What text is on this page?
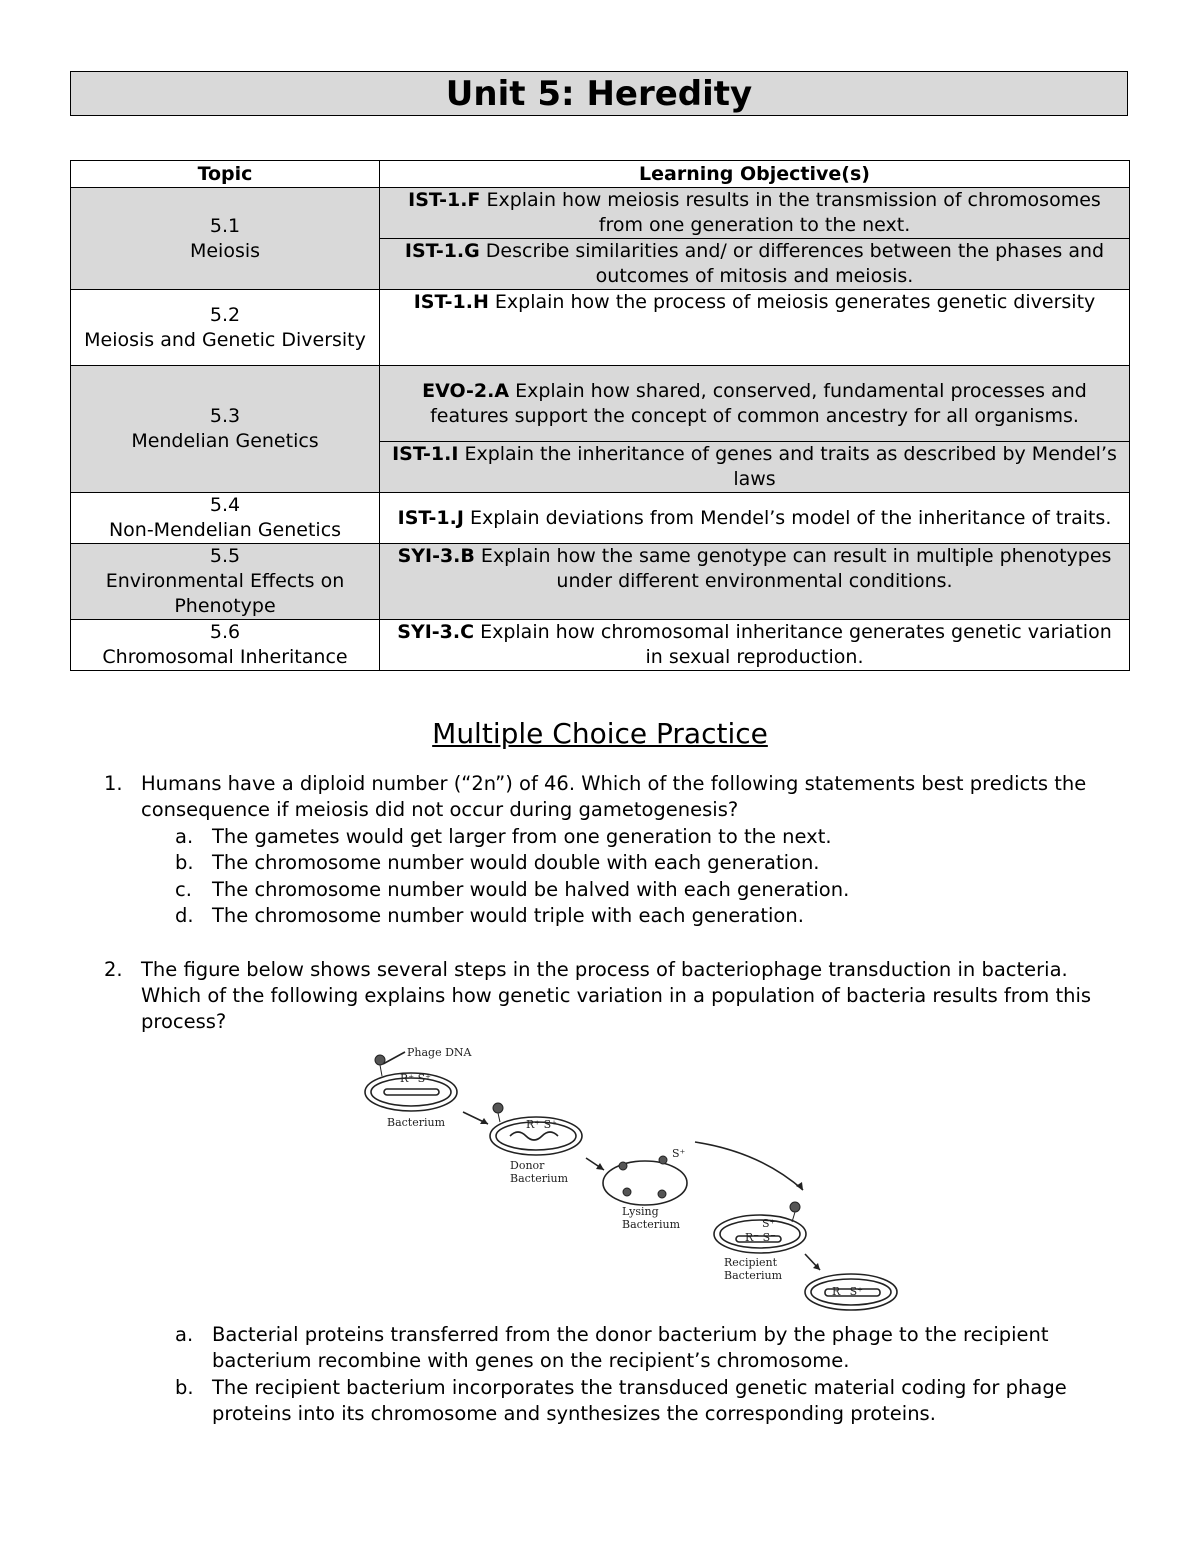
Unit 5: Heredity
Topic	Learning Objective(s)

5.1
Meiosis	IST-1.F Explain how meiosis results in the transmission of chromosomes from one generation to the next.
	IST-1.G Describe similarities and/ or differences between the phases and outcomes of mitosis and meiosis.

5.2
Meiosis and Genetic Diversity	IST-1.H Explain how the process of meiosis generates genetic diversity

5.3
Mendelian Genetics	EVO-2.A Explain how shared, conserved, fundamental processes and features support the concept of common ancestry for all organisms.
	IST-1.I Explain the inheritance of genes and traits as described by Mendel’s laws

5.4
Non-Mendelian Genetics	IST-1.J Explain deviations from Mendel’s model of the inheritance of traits.

5.5
Environmental Effects on Phenotype	SYI-3.B Explain how the same genotype can result in multiple phenotypes under different environmental conditions.

5.6
Chromosomal Inheritance	SYI-3.C Explain how chromosomal inheritance generates genetic variation in sexual reproduction.
Multiple Choice Practice
1. Humans have a diploid number (“2n”) of 46. Which of the following statements best predicts the consequence if meiosis did not occur during gametogenesis?
a. The gametes would get larger from one generation to the next.
b. The chromosome number would double with each generation.
c. The chromosome number would be halved with each generation.
d. The chromosome number would triple with each generation.
2. The figure below shows several steps in the process of bacteriophage transduction in bacteria. Which of the following explains how genetic variation in a population of bacteria results from this process?
Phage DNA
R⁺ S⁺
Bacterium	R⁺ S⁺
Donor
Bacterium
S⁺
Lysing
Bacterium	S⁺
R⁻ S⁻
Recipient
Bacterium
R⁻ S⁺
a. Bacterial proteins transferred from the donor bacterium by the phage to the recipient bacterium recombine with genes on the recipient’s chromosome.
b. The recipient bacterium incorporates the transduced genetic material coding for phage proteins into its chromosome and synthesizes the corresponding proteins.
